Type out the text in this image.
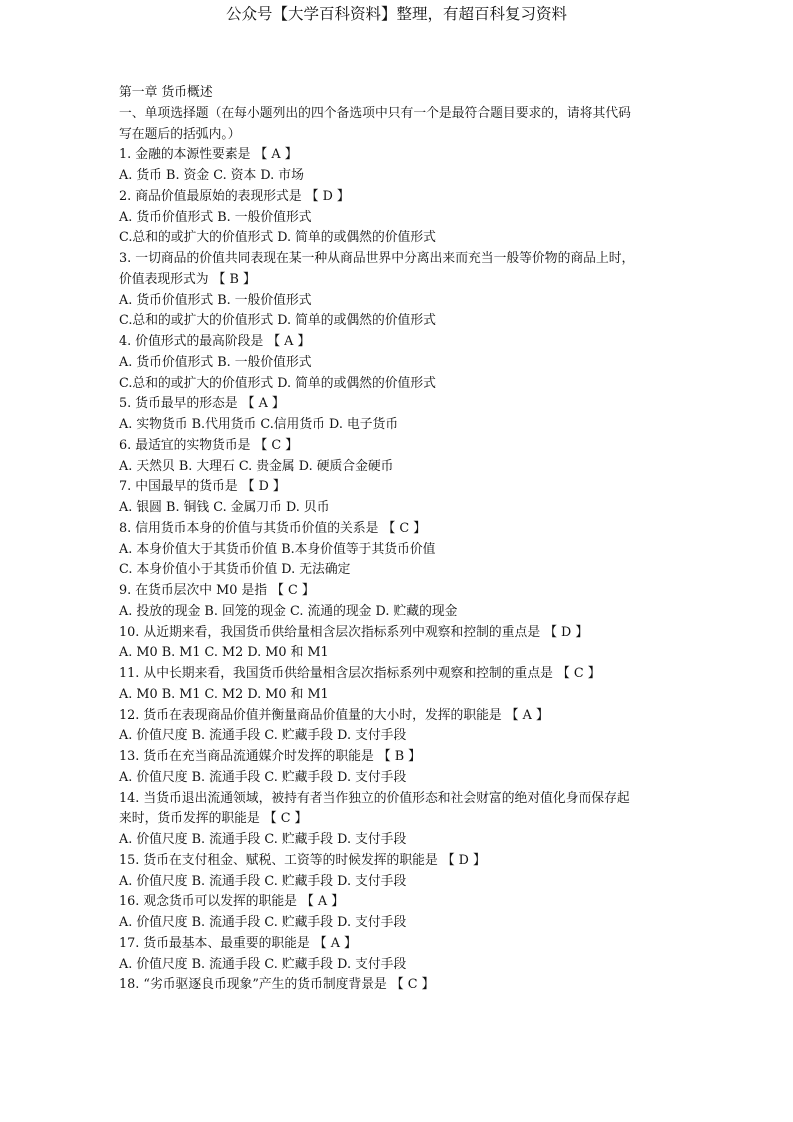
公众号【大学百科资料】整理，有超百科复习资料
第一章 货币概述
一、单项选择题（在每小题列出的四个备选项中只有一个是最符合题目要求的，请将其代码
写在题后的括弧内。）
1. 金融的本源性要素是 【 A 】
A. 货币 B. 资金 C. 资本 D. 市场
2. 商品价值最原始的表现形式是 【 D 】
A. 货币价值形式 B. 一般价值形式
C.总和的或扩大的价值形式 D. 简单的或偶然的价值形式
3. 一切商品的价值共同表现在某一种从商品世界中分离出来而充当一般等价物的商品上时，
价值表现形式为 【 B 】
A. 货币价值形式 B. 一般价值形式
C.总和的或扩大的价值形式 D. 简单的或偶然的价值形式
4. 价值形式的最高阶段是 【 A 】
A. 货币价值形式 B. 一般价值形式
C.总和的或扩大的价值形式 D. 简单的或偶然的价值形式
5. 货币最早的形态是 【 A 】
A. 实物货币 B.代用货币 C.信用货币 D. 电子货币
6. 最适宜的实物货币是 【 C 】
A. 天然贝 B. 大理石 C. 贵金属 D. 硬质合金硬币
7. 中国最早的货币是 【 D 】
A. 银圆 B. 铜钱 C. 金属刀币 D. 贝币
8. 信用货币本身的价值与其货币价值的关系是 【 C 】
A. 本身价值大于其货币价值 B.本身价值等于其货币价值
C. 本身价值小于其货币价值 D. 无法确定
9. 在货币层次中 M0 是指 【 C 】
A. 投放的现金 B. 回笼的现金 C. 流通的现金 D. 贮藏的现金
10. 从近期来看，我国货币供给量相含层次指标系列中观察和控制的重点是 【 D 】
A. M0 B. M1 C. M2 D. M0 和 M1
11. 从中长期来看，我国货币供给量相含层次指标系列中观察和控制的重点是 【 C 】
A. M0 B. M1 C. M2 D. M0 和 M1
12. 货币在表现商品价值并衡量商品价值量的大小时，发挥的职能是 【 A 】
A. 价值尺度 B. 流通手段 C. 贮藏手段 D. 支付手段
13. 货币在充当商品流通媒介时发挥的职能是 【 B 】
A. 价值尺度 B. 流通手段 C. 贮藏手段 D. 支付手段
14. 当货币退出流通领域，被持有者当作独立的价值形态和社会财富的绝对值化身而保存起
来时，货币发挥的职能是 【 C 】
A. 价值尺度 B. 流通手段 C. 贮藏手段 D. 支付手段
15. 货币在支付租金、赋税、工资等的时候发挥的职能是 【 D 】
A. 价值尺度 B. 流通手段 C. 贮藏手段 D. 支付手段
16. 观念货币可以发挥的职能是 【 A 】
A. 价值尺度 B. 流通手段 C. 贮藏手段 D. 支付手段
17. 货币最基本、最重要的职能是 【 A 】
A. 价值尺度 B. 流通手段 C. 贮藏手段 D. 支付手段
18. “劣币驱逐良币现象”产生的货币制度背景是 【 C 】
